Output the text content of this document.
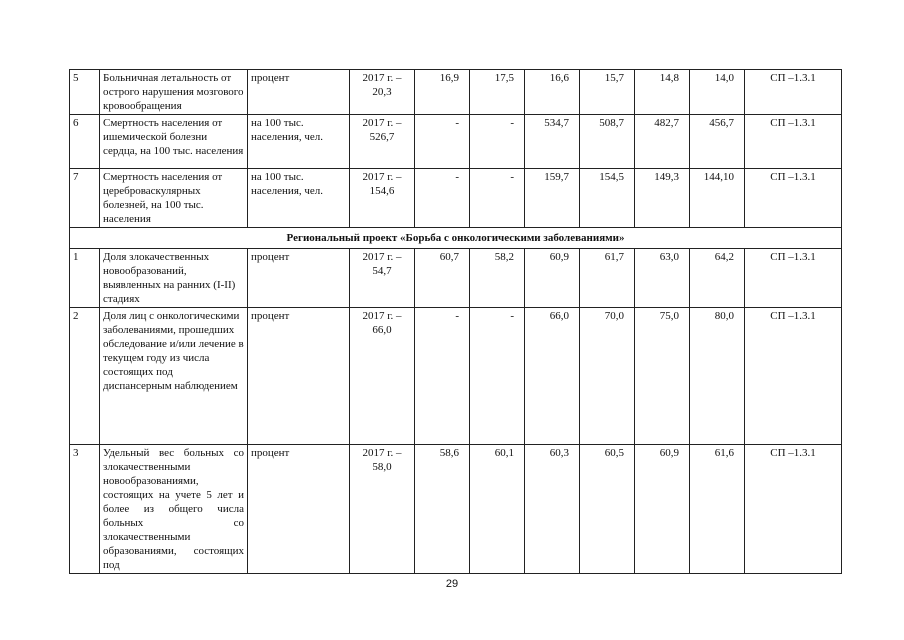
5	Больничная летальность от острого нарушения мозгового кровообращения	процент	2017 г. – 20,3	16,9	17,5	16,6	15,7	14,8	14,0	СП –1.3.1
6	Смертность населения от ишемической болезни сердца, на 100 тыс. населения	на 100 тыс. населения, чел.	2017 г. – 526,7	-	-	534,7	508,7	482,7	456,7	СП –1.3.1
7	Смертность населения от цереброваскулярных болезней, на 100 тыс. населения	на 100 тыс. населения, чел.	2017 г. – 154,6	-	-	159,7	154,5	149,3	144,10	СП –1.3.1
Региональный проект «Борьба с онкологическими заболеваниями»										
1	Доля злокачественных новообразований, выявленных на ранних (I-II) стадиях	процент	2017 г. – 54,7	60,7	58,2	60,9	61,7	63,0	64,2	СП –1.3.1
2	Доля лиц с онкологическими заболеваниями, прошедших обследование и/или лечение в текущем году из числа состоящих под диспансерным наблюдением	процент	2017 г. – 66,0	-	-	66,0	70,0	75,0	80,0	СП –1.3.1
3	Удельный вес больных со злокачественными новообразованиями, состоящих на учете 5 лет и более из общего числа больных со злокачественными образованиями, состоящих под	процент	2017 г. – 58,0	58,6	60,1	60,3	60,5	60,9	61,6	СП –1.3.1
29
